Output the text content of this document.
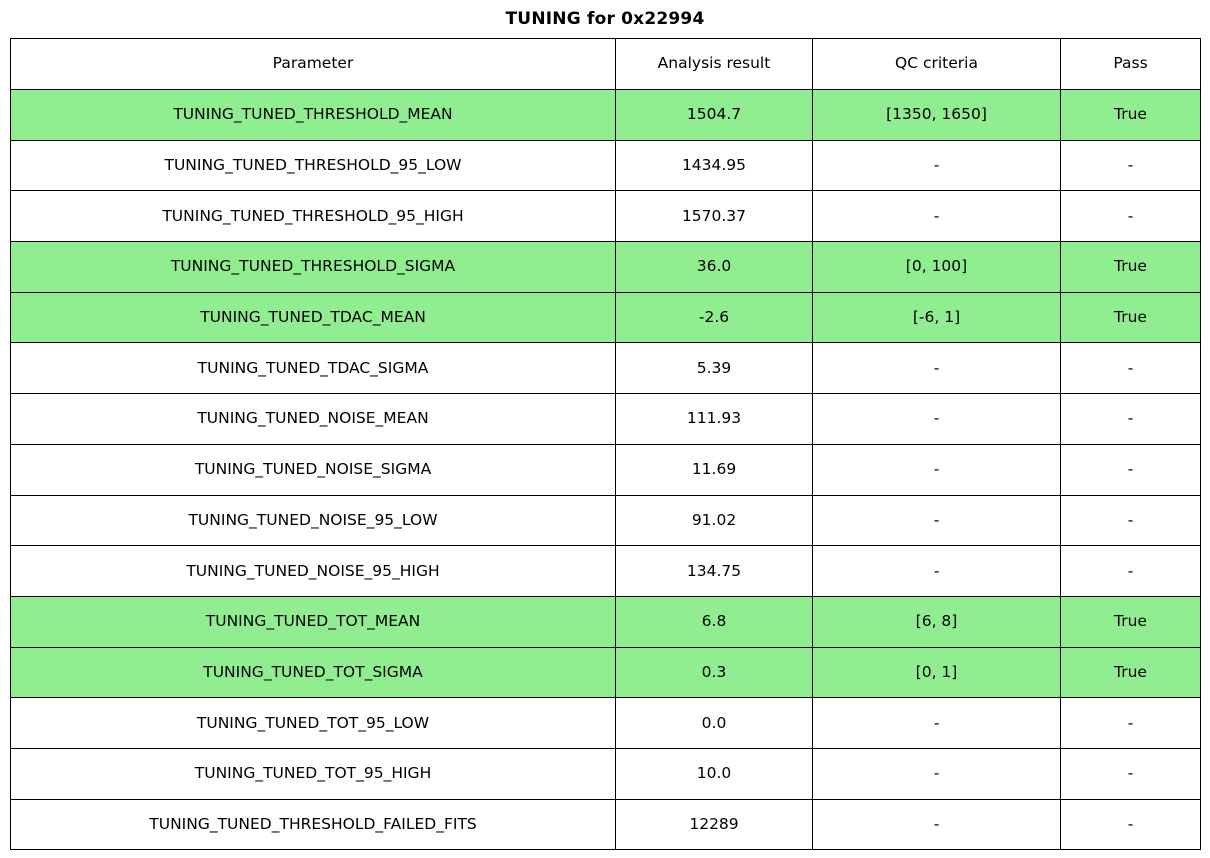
TUNING for 0x22994
Parameter	Analysis result	QC criteria	Pass

TUNING_TUNED_THRESHOLD_MEAN	1504.7	[1350, 1650]	True

TUNING_TUNED_THRESHOLD_95_LOW	1434.95	-	-

TUNING_TUNED_THRESHOLD_95_HIGH	1570.37	-	-

TUNING_TUNED_THRESHOLD_SIGMA	36.0	[0, 100]	True

TUNING_TUNED_TDAC_MEAN	-2.6	[-6, 1]	True

TUNING_TUNED_TDAC_SIGMA	5.39	-	-

TUNING_TUNED_NOISE_MEAN	111.93	-	-

TUNING_TUNED_NOISE_SIGMA	11.69	-	-

TUNING_TUNED_NOISE_95_LOW	91.02	-	-

TUNING_TUNED_NOISE_95_HIGH	134.75	-	-

TUNING_TUNED_TOT_MEAN	6.8	[6, 8]	True

TUNING_TUNED_TOT_SIGMA	0.3	[0, 1]	True

TUNING_TUNED_TOT_95_LOW	0.0	-	-

TUNING_TUNED_TOT_95_HIGH	10.0	-	-

TUNING_TUNED_THRESHOLD_FAILED_FITS	12289	-	-
